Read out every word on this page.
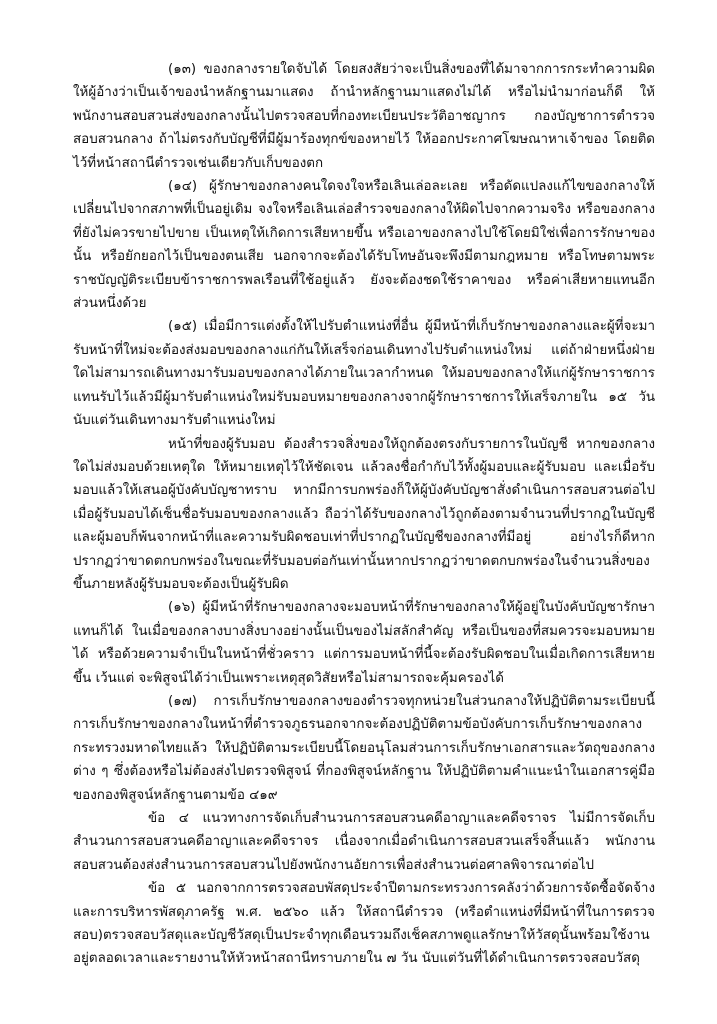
(๑๓) ของกลางรายใดจับได้ โดยสงสัยว่าจะเป็นสิ่งของที่ได้มาจากการกระทำความผิด ให้ผู้อ้างว่าเป็นเจ้าของนำหลักฐานมาแสดง ถ้านำหลักฐานมาแสดงไม่ได้ หรือไม่นำมาก่อนก็ดี ให้พนักงานสอบสวนส่งของกลางนั้นไปตรวจสอบที่กองทะเบียนประวัติอาชญากร กองบัญชาการตำรวจสอบสวนกลาง ถ้าไม่ตรงกับบัญชีที่มีผู้มาร้องทุกข์ของหายไว้ ให้ออกประกาศโฆษณาหาเจ้าของ โดยติดไว้ที่หน้าสถานีตำรวจเช่นเดียวกับเก็บของตก

(๑๔) ผู้รักษาของกลางคนใดจงใจหรือเลินเล่อละเลย หรือดัดแปลงแก้ไขของกลางให้เปลี่ยนไปจากสภาพที่เป็นอยู่เดิม จงใจหรือเลินเล่อสำรวจของกลางให้ผิดไปจากความจริง หรือของกลางที่ยังไม่ควรขายไปขาย เป็นเหตุให้เกิดการเสียหายขึ้น หรือเอาของกลางไปใช้โดยมิใช่เพื่อการรักษาของนั้น หรือยักยอกไว้เป็นของตนเสีย นอกจากจะต้องได้รับโทษอันจะพึงมีตามกฎหมาย หรือโทษตามพระราชบัญญัติระเบียบข้าราชการพลเรือนที่ใช้อยู่แล้ว ยังจะต้องชดใช้ราคาของ หรือค่าเสียหายแทนอีกส่วนหนึ่งด้วย

(๑๕) เมื่อมีการแต่งตั้งให้ไปรับตำแหน่งที่อื่น ผู้มีหน้าที่เก็บรักษาของกลางและผู้ที่จะมารับหน้าที่ใหม่จะต้องส่งมอบของกลางแก่กันให้เสร็จก่อนเดินทางไปรับตำแหน่งใหม่ แต่ถ้าฝ่ายหนึ่งฝ่ายใดไม่สามารถเดินทางมารับมอบของกลางได้ภายในเวลากำหนด ให้มอบของกลางให้แก่ผู้รักษาราชการแทนรับไว้แล้วมีผู้มารับตำแหน่งใหม่รับมอบหมายของกลางจากผู้รักษาราชการให้เสร็จภายใน ๑๕ วัน นับแต่วันเดินทางมารับตำแหน่งใหม่

หน้าที่ของผู้รับมอบ ต้องสำรวจสิ่งของให้ถูกต้องตรงกับรายการในบัญชี หากของกลางใดไม่ส่งมอบด้วยเหตุใด ให้หมายเหตุไว้ให้ชัดเจน แล้วลงชื่อกำกับไว้ทั้งผู้มอบและผู้รับมอบ และเมื่อรับมอบแล้วให้เสนอผู้บังคับบัญชาทราบ หากมีการบกพร่องก็ให้ผู้บังคับบัญชาสั่งดำเนินการสอบสวนต่อไป เมื่อผู้รับมอบได้เซ็นชื่อรับมอบของกลางแล้ว ถือว่าได้รับของกลางไว้ถูกต้องตามจำนวนที่ปรากฏในบัญชี และผู้มอบก็พ้นจากหน้าที่และความรับผิดชอบเท่าที่ปรากฏในบัญชีของกลางที่มีอยู่ อย่างไรก็ดีหากปรากฏว่าขาดตกบกพร่องในขณะที่รับมอบต่อกันเท่านั้นหากปรากฏว่าขาดตกบกพร่องในจำนวนสิ่งของขึ้นภายหลังผู้รับมอบจะต้องเป็นผู้รับผิด

(๑๖) ผู้มีหน้าที่รักษาของกลางจะมอบหน้าที่รักษาของกลางให้ผู้อยู่ในบังคับบัญชารักษาแทนก็ได้ ในเมื่อของกลางบางสิ่งบางอย่างนั้นเป็นของไม่สลักสำคัญ หรือเป็นของที่สมควรจะมอบหมายได้ หรือด้วยความจำเป็นในหน้าที่ชั่วคราว แต่การมอบหน้าที่นี้จะต้องรับผิดชอบในเมื่อเกิดการเสียหายขึ้น เว้นแต่ จะพิสูจน์ได้ว่าเป็นเพราะเหตุสุดวิสัยหรือไม่สามารถจะคุ้มครองได้

(๑๗) การเก็บรักษาของกลางของตำรวจทุกหน่วยในส่วนกลางให้ปฏิบัติตามระเบียบนี้การเก็บรักษาของกลางในหน้าที่ตำรวจภูธรนอกจากจะต้องปฏิบัติตามข้อบังคับการเก็บรักษาของกลางกระทรวงมหาดไทยแล้ว ให้ปฏิบัติตามระเบียบนี้โดยอนุโลมส่วนการเก็บรักษาเอกสารและวัตถุของกลางต่าง ๆ ซึ่งต้องหรือไม่ต้องส่งไปตรวจพิสูจน์ ที่กองพิสูจน์หลักฐาน ให้ปฏิบัติตามคำแนะนำในเอกสารคู่มือของกองพิสูจน์หลักฐานตามข้อ ๔๑๙

ข้อ ๔ แนวทางการจัดเก็บสำนวนการสอบสวนคดีอาญาและคดีจราจร ไม่มีการจัดเก็บสำนวนการสอบสวนคดีอาญาและคดีจราจร เนื่องจากเมื่อดำเนินการสอบสวนเสร็จสิ้นแล้ว พนักงานสอบสวนต้องส่งสำนวนการสอบสวนไปยังพนักงานอัยการเพื่อส่งสำนวนต่อศาลพิจารณาต่อไป

ข้อ ๕ นอกจากการตรวจสอบพัสดุประจำปีตามกระทรวงการคลังว่าด้วยการจัดซื้อจัดจ้างและการบริหารพัสดุภาครัฐ พ.ศ. ๒๕๖๐ แล้ว ให้สถานีตำรวจ (หรือตำแหน่งที่มีหน้าที่ในการตรวจสอบ)ตรวจสอบวัสดุและบัญชีวัสดุเป็นประจำทุกเดือนรวมถึงเช็คสภาพดูแลรักษาให้วัสดุนั้นพร้อมใช้งานอยู่ตลอดเวลาและรายงานให้หัวหน้าสถานีทราบภายใน ๗ วัน นับแต่วันที่ได้ดำเนินการตรวจสอบวัสดุ
